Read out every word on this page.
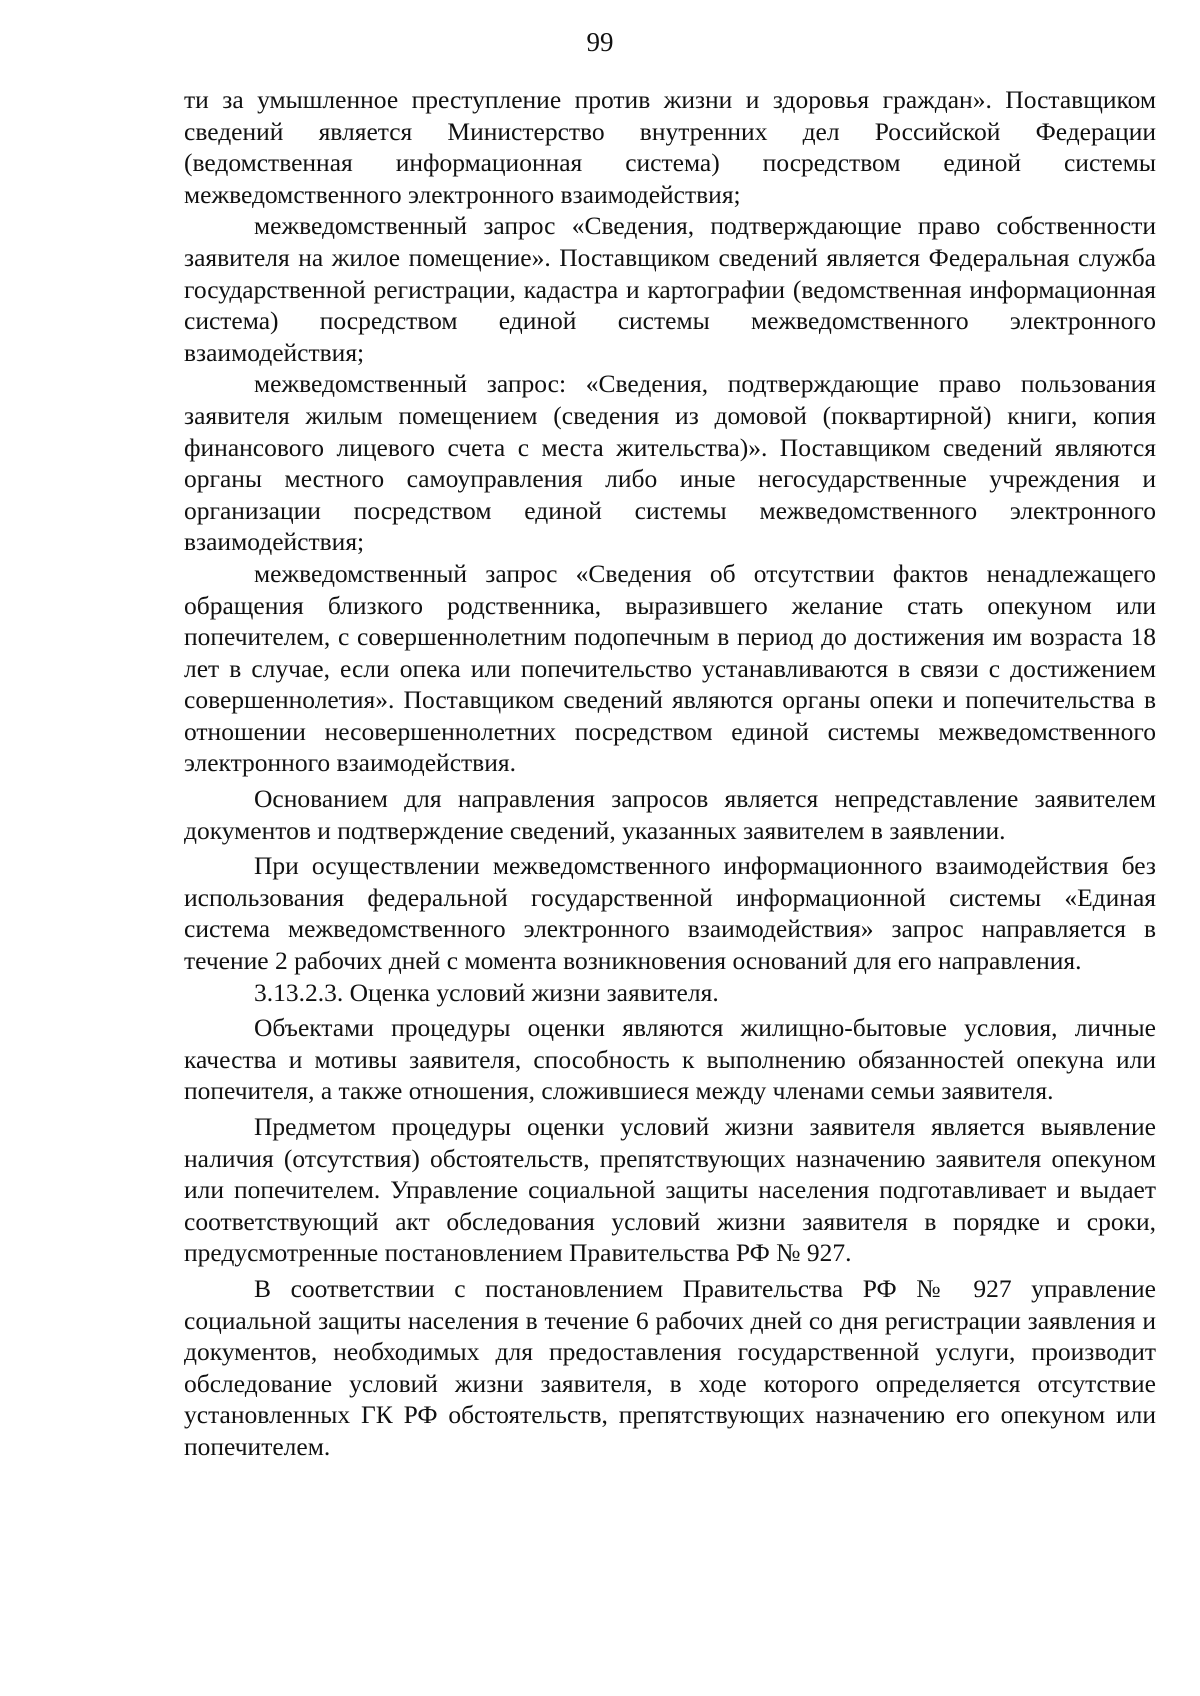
99

ти за умышленное преступление против жизни и здоровья граждан». Поставщиком сведений является Министерство внутренних дел Российской Федерации (ведомственная информационная система) посредством единой системы межведомственного электронного взаимодействия;

межведомственный запрос «Сведения, подтверждающие право собственности заявителя на жилое помещение». Поставщиком сведений является Федеральная служба государственной регистрации, кадастра и картографии (ведомственная информационная система) посредством единой системы межведомственного электронного взаимодействия;

межведомственный запрос: «Сведения, подтверждающие право пользования заявителя жилым помещением (сведения из домовой (поквартирной) книги, копия финансового лицевого счета с места жительства)». Поставщиком сведений являются органы местного самоуправления либо иные негосударственные учреждения и организации посредством единой системы межведомственного электронного взаимодействия;

межведомственный запрос «Сведения об отсутствии фактов ненадлежащего обращения близкого родственника, выразившего желание стать опекуном или попечителем, с совершеннолетним подопечным в период до достижения им возраста 18 лет в случае, если опека или попечительство устанавливаются в связи с достижением совершеннолетия». Поставщиком сведений являются органы опеки и попечительства в отношении несовершеннолетних посредством единой системы межведомственного электронного взаимодействия.

Основанием для направления запросов является непредставление заявителем документов и подтверждение сведений, указанных заявителем в заявлении.

При осуществлении межведомственного информационного взаимодействия без использования федеральной государственной информационной системы «Единая система межведомственного электронного взаимодействия» запрос направляется в течение 2 рабочих дней с момента возникновения оснований для его направления.

3.13.2.3. Оценка условий жизни заявителя.

Объектами процедуры оценки являются жилищно-бытовые условия, личные качества и мотивы заявителя, способность к выполнению обязанностей опекуна или попечителя, а также отношения, сложившиеся между членами семьи заявителя.

Предметом процедуры оценки условий жизни заявителя является выявление наличия (отсутствия) обстоятельств, препятствующих назначению заявителя опекуном или попечителем. Управление социальной защиты населения подготавливает и выдает соответствующий акт обследования условий жизни заявителя в порядке и сроки, предусмотренные постановлением Правительства РФ № 927.

В соответствии с постановлением Правительства РФ № 927 управление социальной защиты населения в течение 6 рабочих дней со дня регистрации заявления и документов, необходимых для предоставления государственной услуги, производит обследование условий жизни заявителя, в ходе которого определяется отсутствие установленных ГК РФ обстоятельств, препятствующих назначению его опекуном или попечителем.
